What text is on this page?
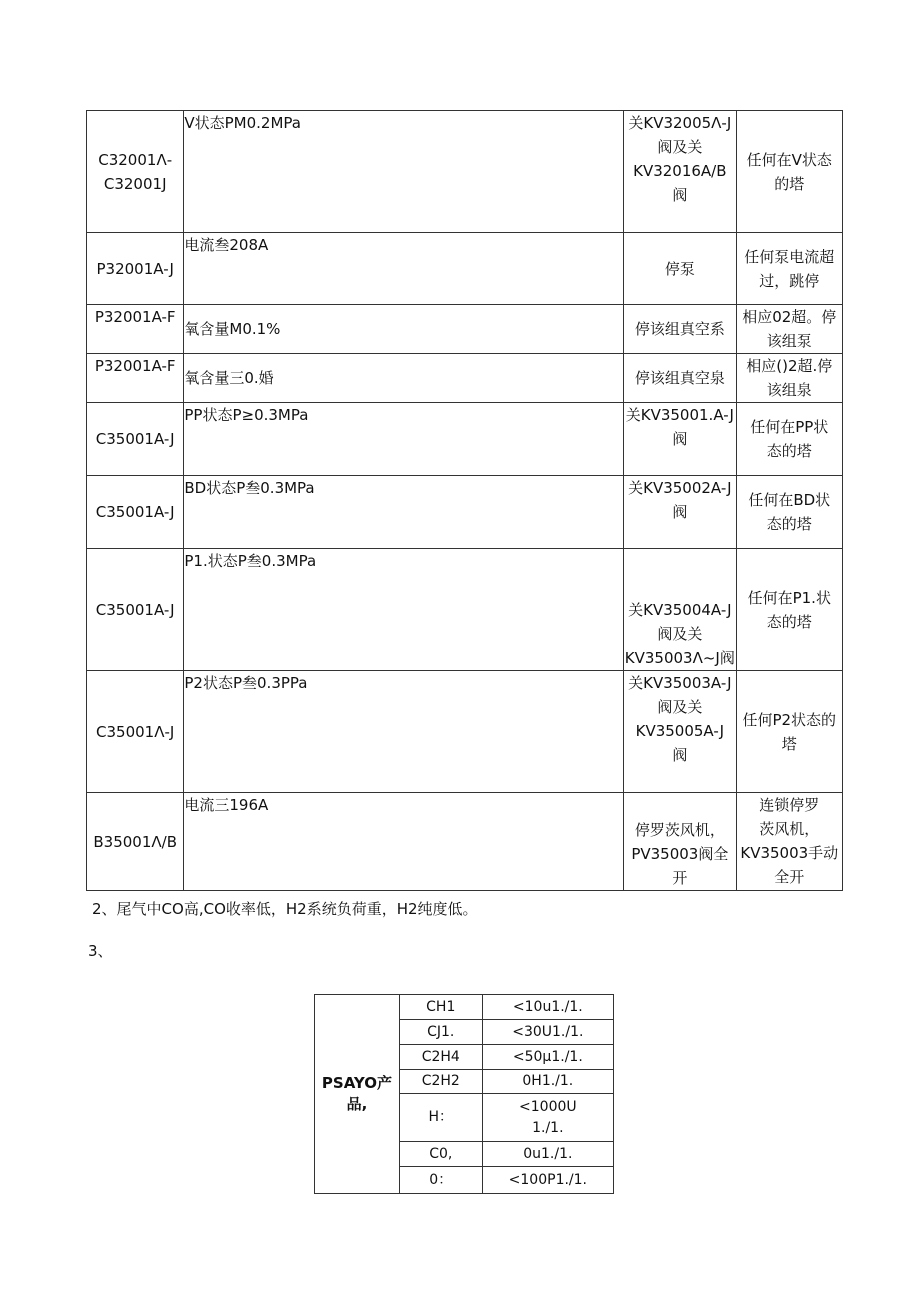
C32001Λ-
C32001J	V状态PM0.2MPa	关KV32005Λ-J
阀及关
KV32016A/B
阀	任何在V状态
的塔

P32001A-J	电流叁208A	停泵	任何泵电流超
过，跳停

P32001A-F	氧含量M0.1%	停该组真空系	相应02超。停
该组泵

P32001A-F	氧含量三0.婚	停该组真空泉	相应()2超.停
该组泉

C35001A-J	PP状态P≥0.3MPa	关KV35001.A-J
阀	任何在PP状
态的塔

C35001A-J	BD状态P叁0.3MPa	关KV35002A-J
阀	任何在BD状
态的塔

C35001A-J	P1.状态P叁0.3MPa	关KV35004A-J
阀及关
KV35003Λ~J阀	任何在P1.状
态的塔

C35001Λ-J	P2状态P叁0.3PPa	关KV35003A-J
阀及关
KV35005A-J
阀	任何P2状态的
塔

B35001Λ/B	电流三196A	停罗茨风机，
PV35003阀全
开	连锁停罗
茨风机，
KV35003手动
全开
2、尾气中CO高,CO收率低，H2系统负荷重，H2纯度低。
3、
PSAYO产
品,	CH1	<10u1./1.
	CJ1.	<30U1./1.
	C2H4	<50μ1./1.
	C2H2	0H1./1.
	H：	<1000U
1./1.

	C0,	0u1./1.
	0：	<100P1./1.
